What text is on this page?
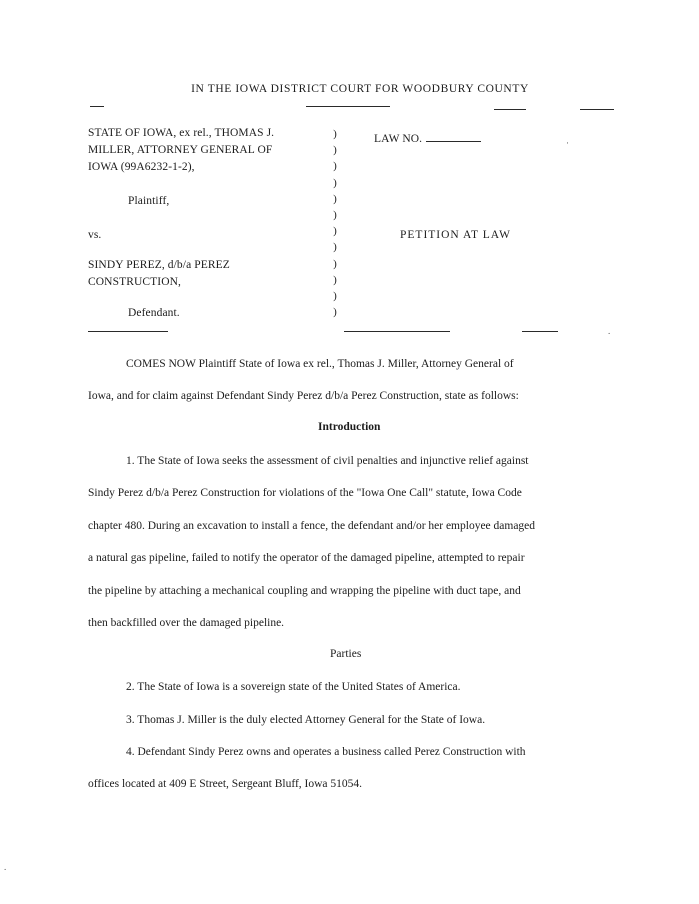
IN THE IOWA DISTRICT COURT FOR WOODBURY COUNTY
STATE OF IOWA, ex rel., THOMAS J.
MILLER, ATTORNEY GENERAL OF
IOWA (99A6232-1-2),
Plaintiff,
vs.
SINDY PEREZ, d/b/a PEREZ
CONSTRUCTION,
Defendant.
)
)
)
)
)
)
)
)
)
)
)
)
LAW NO.	·
PETITION AT LAW
.
COMES NOW Plaintiff State of Iowa ex rel., Thomas J. Miller, Attorney General of
Iowa, and for claim against Defendant Sindy Perez d/b/a Perez Construction, state as follows:
Introduction
1. The State of Iowa seeks the assessment of civil penalties and injunctive relief against
Sindy Perez d/b/a Perez Construction for violations of the "Iowa One Call" statute, Iowa Code
chapter 480. During an excavation to install a fence, the defendant and/or her employee damaged
a natural gas pipeline, failed to notify the operator of the damaged pipeline, attempted to repair
the pipeline by attaching a mechanical coupling and wrapping the pipeline with duct tape, and
then backfilled over the damaged pipeline.
Parties
2. The State of Iowa is a sovereign state of the United States of America.
3. Thomas J. Miller is the duly elected Attorney General for the State of Iowa.
4. Defendant Sindy Perez owns and operates a business called Perez Construction with
offices located at 409 E Street, Sergeant Bluff, Iowa 51054.
.
